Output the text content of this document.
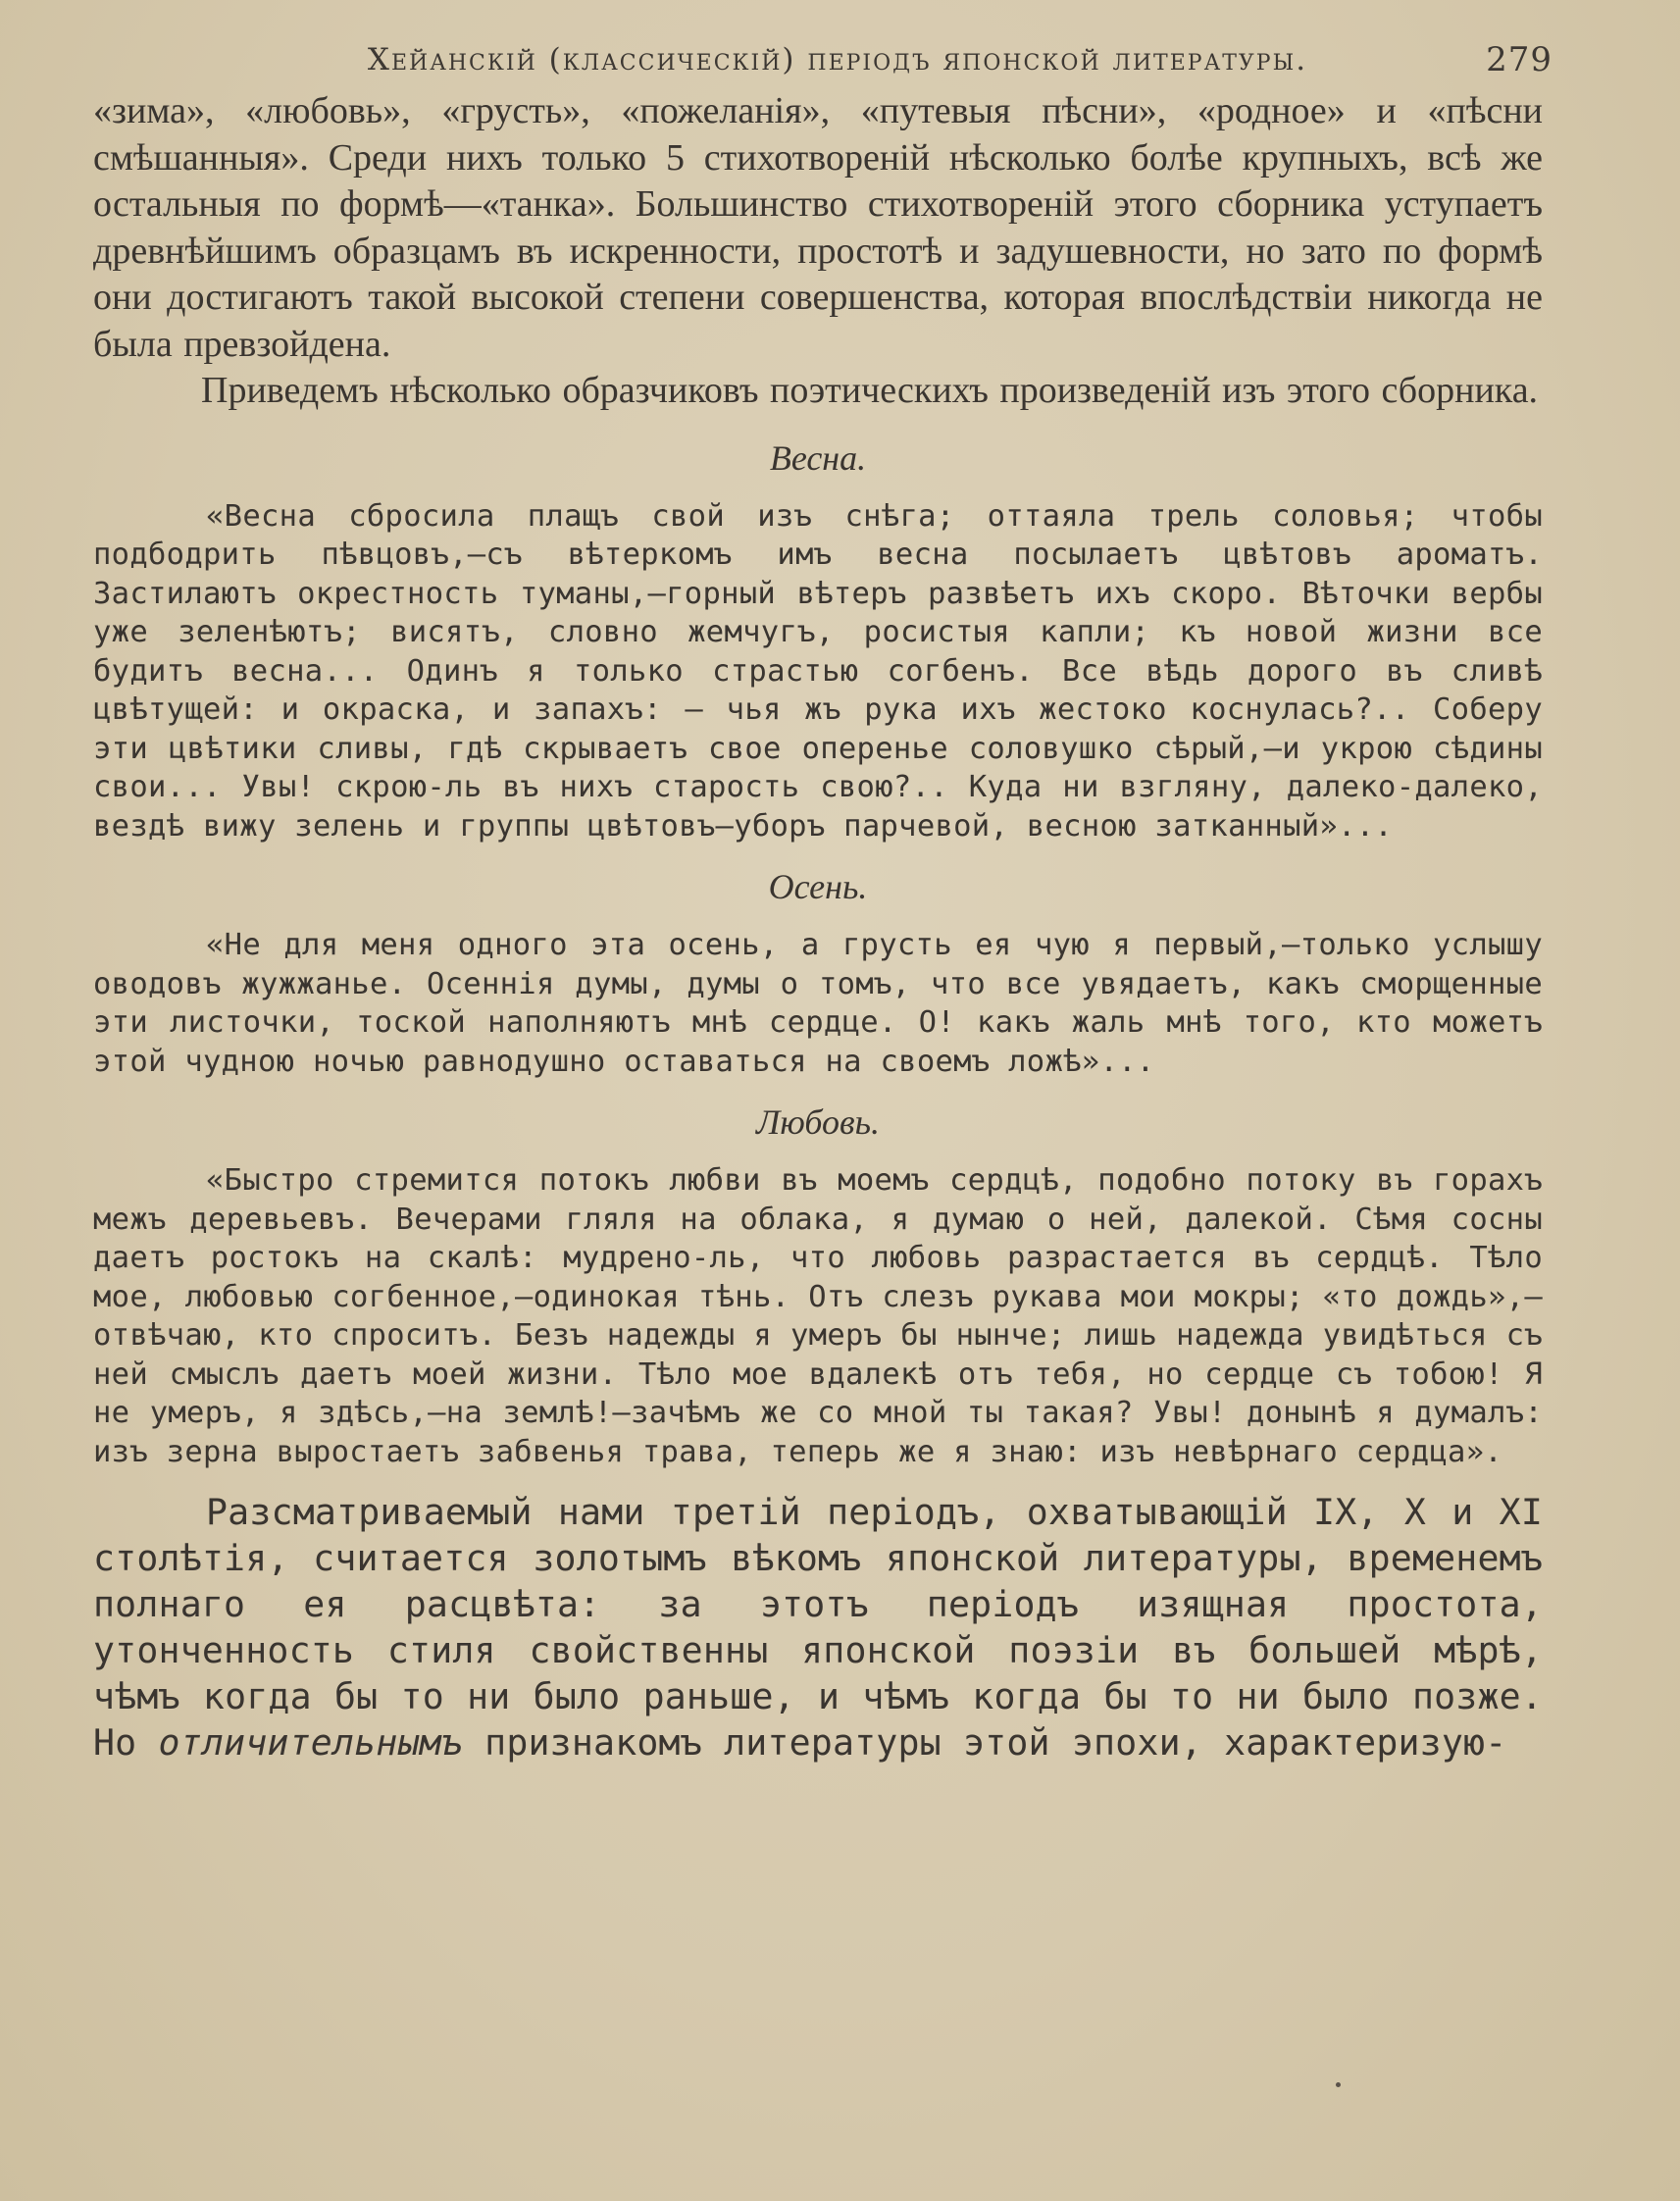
Хейанскій (классическій) періодъ японской литературы.	279

«зима», «любовь», «грусть», «пожеланія», «путевыя пѣсни», «родное» и «пѣсни смѣшанныя». Среди нихъ только 5 стихотвореній нѣсколько болѣе крупныхъ, всѣ же остальныя по формѣ—«танка». Большинство стихотвореній этого сборника уступаетъ древнѣйшимъ образцамъ въ искренности, простотѣ и задушевности, но зато по формѣ они достигаютъ такой высокой степени совершенства, которая впослѣдствіи никогда не была превзойдена.

Приведемъ нѣсколько образчиковъ поэтическихъ произведеній изъ этого сборника.

Весна.

«Весна сбросила плащъ свой изъ снѣга; оттаяла трель соловья; чтобы подбодрить пѣвцовъ,—съ вѣтеркомъ имъ весна посылаетъ цвѣтовъ ароматъ. Застилаютъ окрестность туманы,—горный вѣтеръ развѣетъ ихъ скоро. Вѣточки вербы уже зеленѣютъ; висятъ, словно жемчугъ, росистыя капли; къ новой жизни все будитъ весна... Одинъ я только страстью согбенъ. Все вѣдь дорого въ сливѣ цвѣтущей: и окраска, и запахъ: — чья жъ рука ихъ жестоко коснулась?.. Соберу эти цвѣтики сливы, гдѣ скрываетъ свое оперенье соловушко сѣрый,—и укрою сѣдины свои... Увы! скрою-ль въ нихъ старость свою?.. Куда ни взгляну, далеко-далеко, вездѣ вижу зелень и группы цвѣтовъ—уборъ парчевой, весною затканный»...

Осень.

«Не для меня одного эта осень, а грусть ея чую я первый,—только услышу оводовъ жужжанье. Осеннія думы, думы о томъ, что все увядаетъ, какъ сморщенные эти листочки, тоской наполняютъ мнѣ сердце. О! какъ жаль мнѣ того, кто можетъ этой чудною ночью равнодушно оставаться на своемъ ложѣ»...

Любовь.

«Быстро стремится потокъ любви въ моемъ сердцѣ, подобно потоку въ горахъ межъ деревьевъ. Вечерами гляля на облака, я думаю о ней, далекой. Сѣмя сосны даетъ ростокъ на скалѣ: мудрено-ль, что любовь разрастается въ сердцѣ. Тѣло мое, любовью согбенное,—одинокая тѣнь. Отъ слезъ рукава мои мокры; «то дождь»,—отвѣчаю, кто спроситъ. Безъ надежды я умеръ бы нынче; лишь надежда увидѣться съ ней смыслъ даетъ моей жизни. Тѣло мое вдалекѣ отъ тебя, но сердце съ тобою! Я не умеръ, я здѣсь,—на землѣ!—зачѣмъ же со мной ты такая? Увы! донынѣ я думалъ: изъ зерна выростаетъ забвенья трава, теперь же я знаю: изъ невѣрнаго сердца».

Разсматриваемый нами третій періодъ, охватывающій IX, X и XI столѣтія, считается золотымъ вѣкомъ японской литературы, временемъ полнаго ея расцвѣта: за этотъ періодъ изящная простота, утонченность стиля свойственны японской поэзіи въ большей мѣрѣ, чѣмъ когда бы то ни было раньше, и чѣмъ когда бы то ни было позже. Но отличительнымъ признакомъ литературы этой эпохи, характеризую-
